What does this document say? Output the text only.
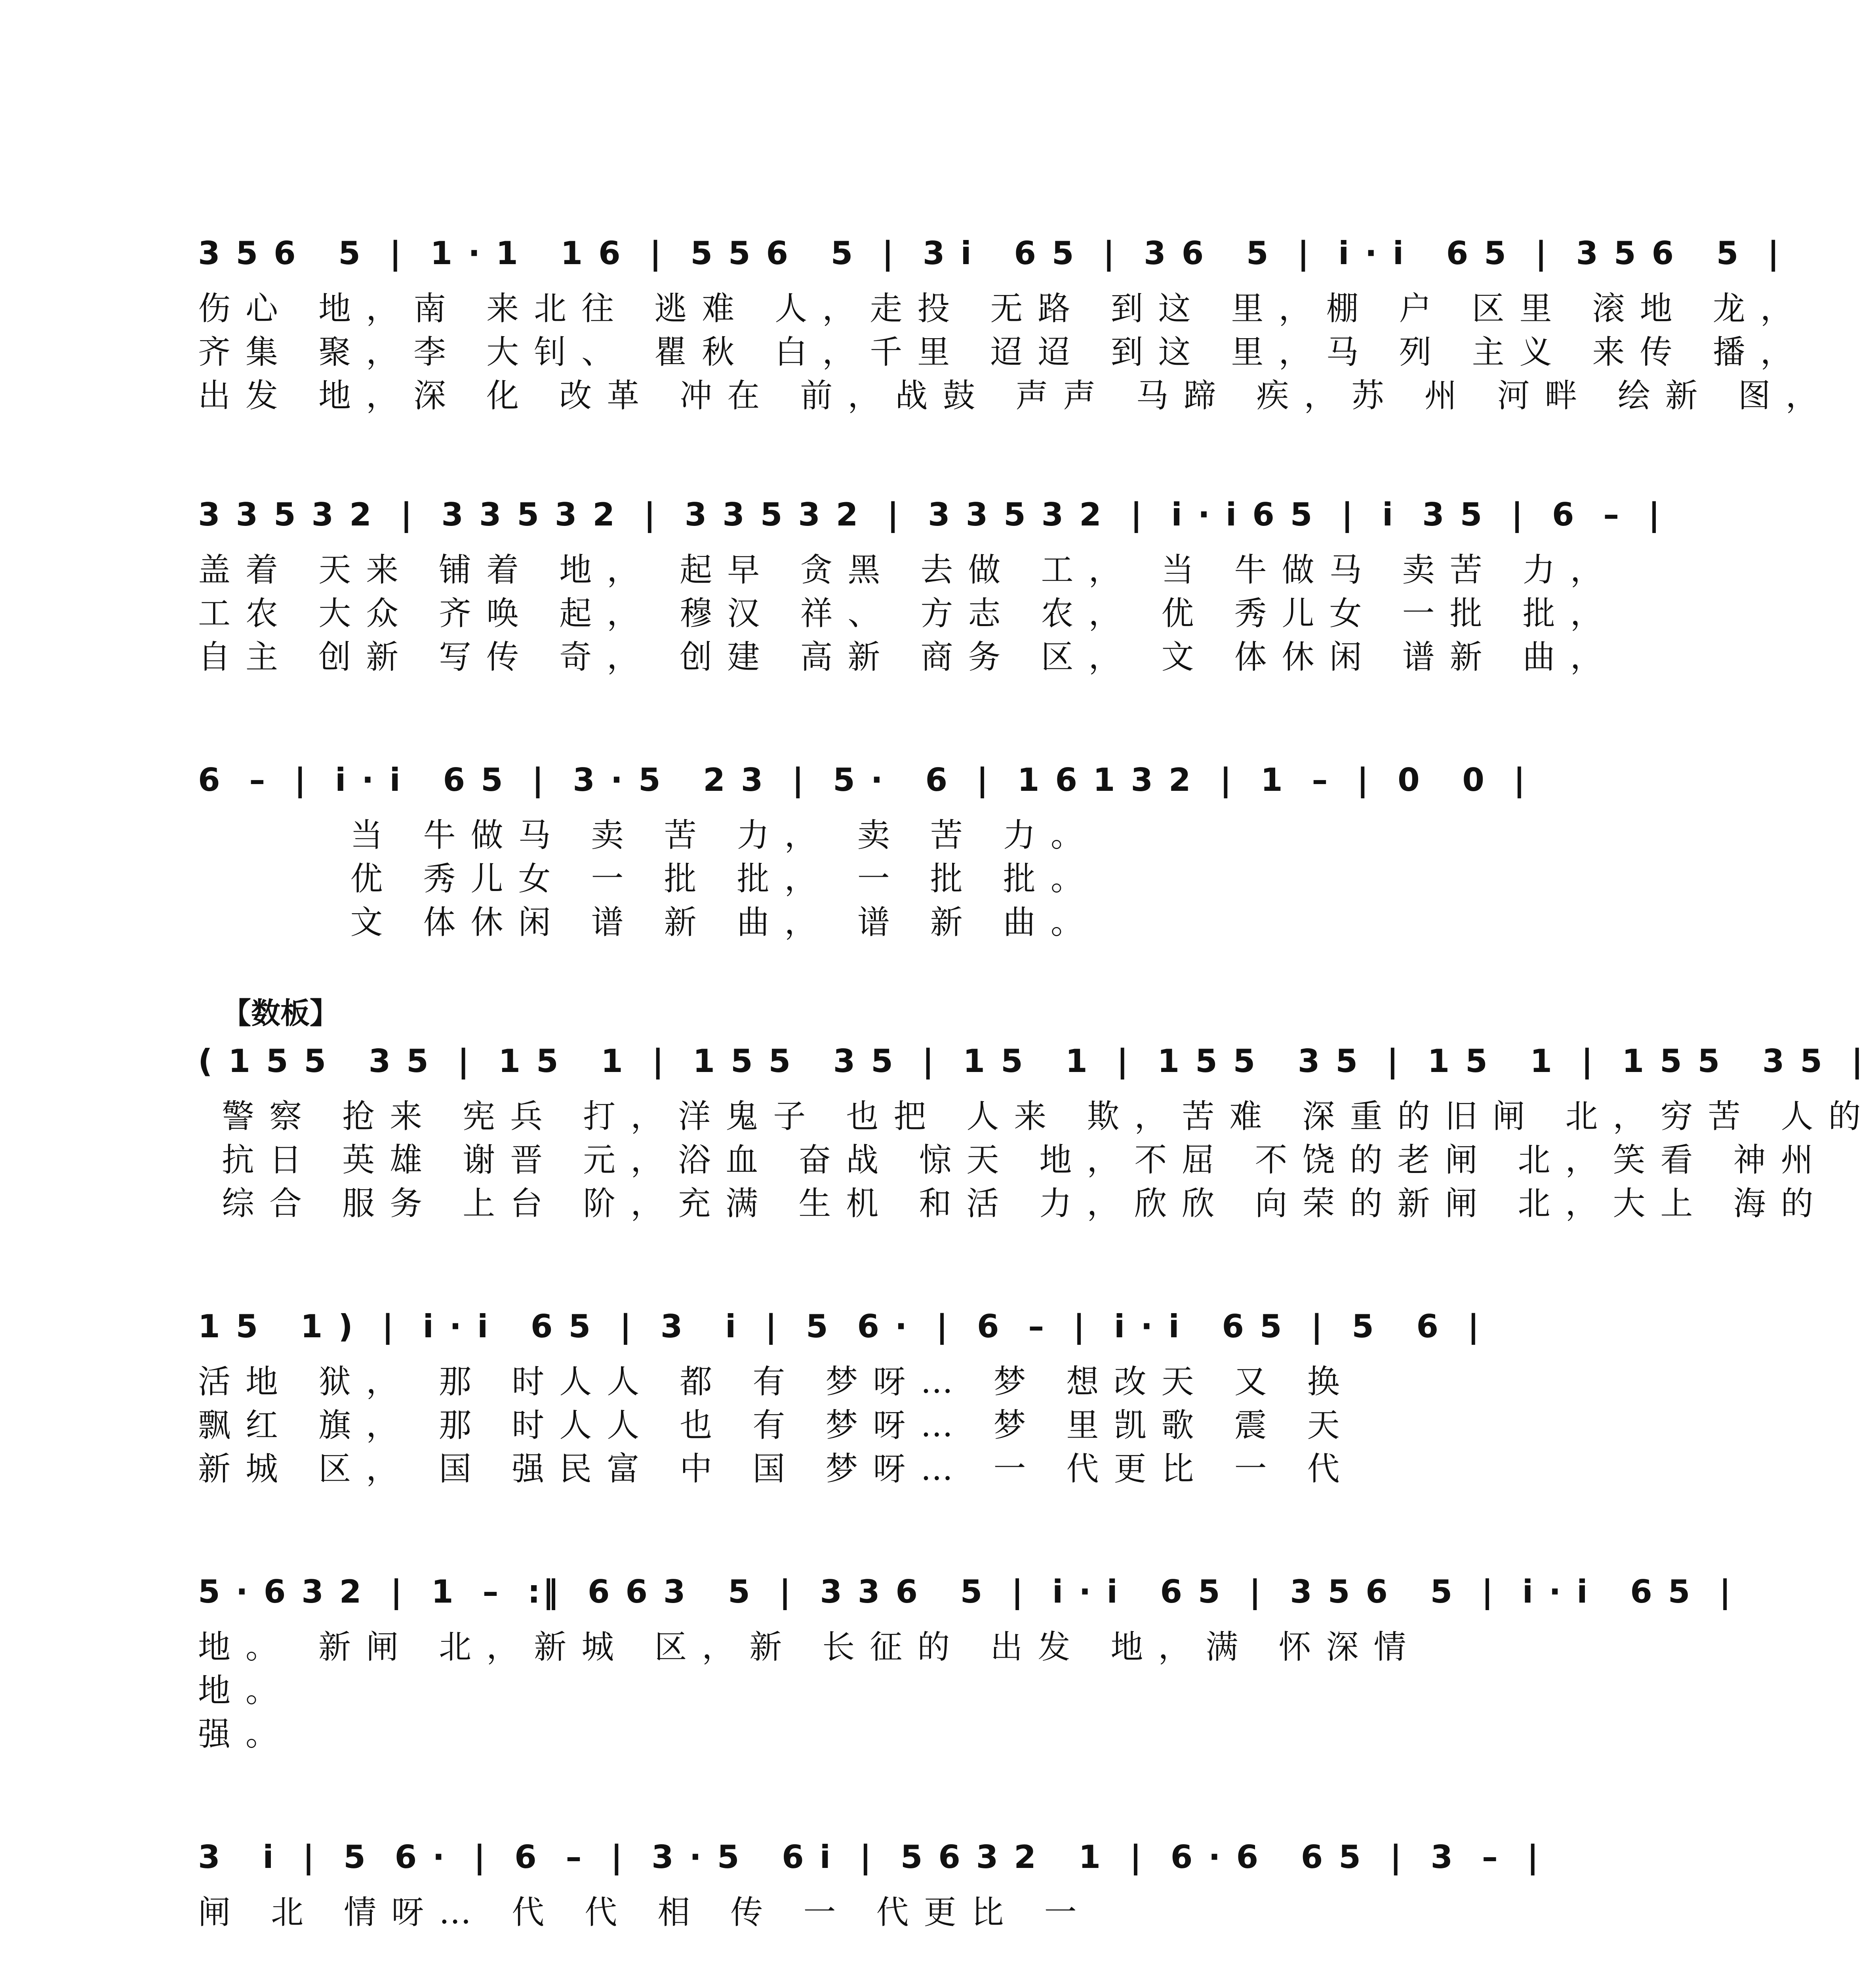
3 5 6   5  |  1 · 1   1 6  |  5 5 6   5  |  3 i   6 5  |  3 6   5  |  i · i   6 5  |  3 5 6   5  |
伤心 地，南 来北往 逃难 人，走投 无路 到这 里，棚 户 区里 滚地 龙，
齐集 聚，李 大钊、 瞿秋 白，千里 迢迢 到这 里，马 列 主义 来传 播，
出发 地，深 化 改革 冲在 前，战鼓 声声 马蹄 疾，苏 州 河畔 绘新 图，
3 3 5 3 2  |  3 3 5 3 2  |  3 3 5 3 2  |  3 3 5 3 2  |  i · i 6 5  |  i  3 5  |  6  –  |
盖着 天来 铺着 地， 起早 贪黑 去做 工， 当 牛做马 卖苦 力，
工农 大众 齐唤 起， 穆汉 祥、 方志 农， 优 秀儿女 一批 批，
自主 创新 写传 奇， 创建 高新 商务 区， 文 体休闲 谱新 曲，
6  –  |  i · i   6 5  |  3 · 5   2 3  |  5 ·   6  |  1 6 1 3 2  |  1  –  |  0   0  |
当 牛做马 卖 苦 力， 卖 苦 力。
优 秀儿女 一 批 批， 一 批 批。
文 体休闲 谱 新 曲， 谱 新 曲。
【数板】
( 1 5 5   3 5  |  1 5   1  |  1 5 5   3 5  |  1 5   1  |  1 5 5   3 5  |  1 5   1  |  1 5 5   3 5  |
警察 抢来 宪兵 打，洋鬼子 也把 人来 欺，苦难 深重的旧闸 北，穷苦 人的
抗日 英雄 谢晋 元，浴血 奋战 惊天 地，不屈 不饶的老闸 北，笑看 神州
综合 服务 上台 阶，充满 生机 和活 力，欣欣 向荣的新闸 北，大上 海的
1 5   1 )  |  i · i   6 5  |  3   i  |  5  6 ·  |  6  –  |  i · i   6 5  |  5   6  |
活地 狱， 那 时人人 都 有 梦呀… 梦 想改天 又 换
飘红 旗， 那 时人人 也 有 梦呀… 梦 里凯歌 震 天
新城 区， 国 强民富 中 国 梦呀… 一 代更比 一 代
5 · 6 3 2  |  1  –  :‖  6 6 3   5  |  3 3 6   5  |  i · i   6 5  |  3 5 6   5  |  i · i   6 5  |
地。 新闸 北，新城 区，新 长征的 出发 地，满 怀深情
地。
强。
3   i  |  5  6 ·  |  6  –  |  3 · 5   6 i  |  5 6 3 2   1  |  6 · 6   6 5  |  3  –  |
闸 北 情呀… 代 代 相 传 一 代更比 一
